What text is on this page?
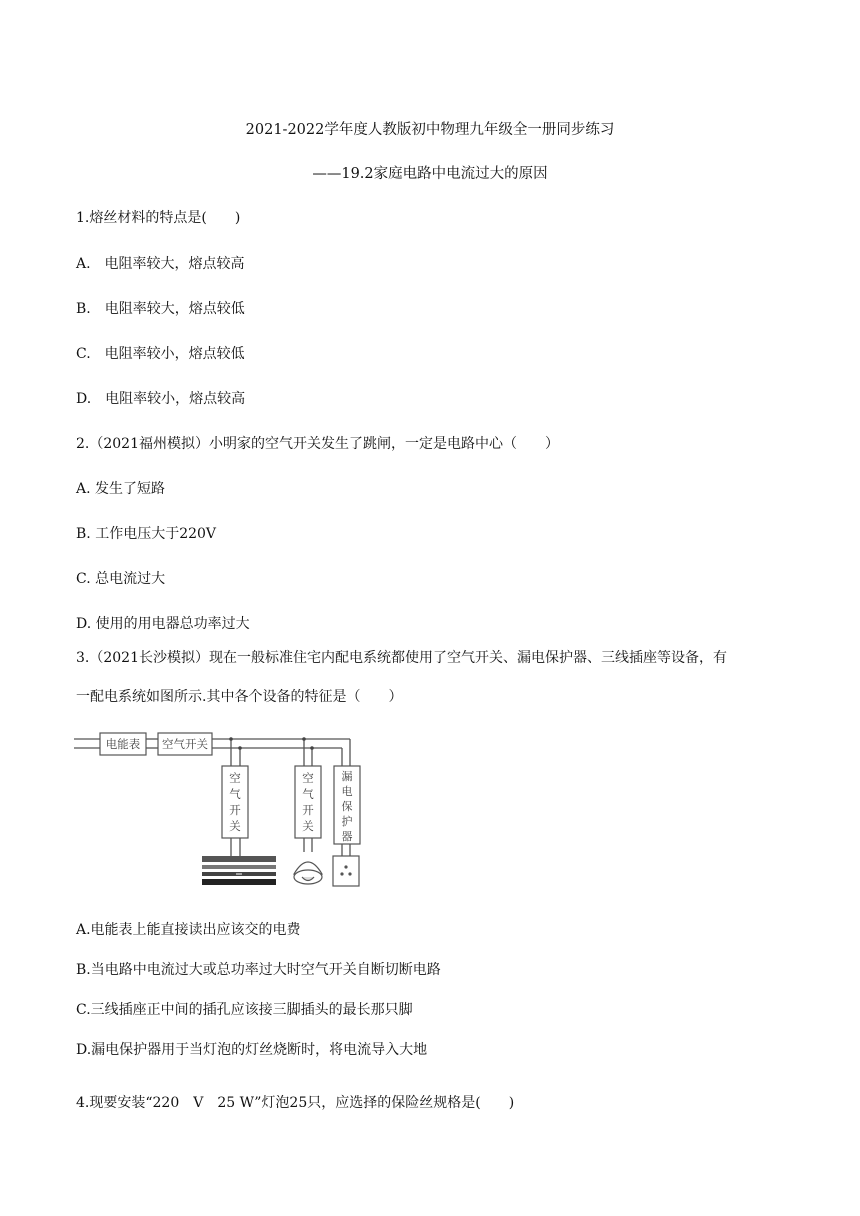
2021-2022学年度人教版初中物理九年级全一册同步练习
——19.2家庭电路中电流过大的原因
1.熔丝材料的特点是(　　)
A.　电阻率较大，熔点较高
B.　电阻率较大，熔点较低
C.　电阻率较小，熔点较低
D.　电阻率较小，熔点较高
2.（2021福州模拟）小明家的空气开关发生了跳闸，一定是电路中心（　　）
A. 发生了短路
B. 工作电压大于220V
C. 总电流过大
D. 使用的用电器总功率过大
3.（2021长沙模拟）现在一般标准住宅内配电系统都使用了空气开关、漏电保护器、三线插座等设备，有
一配电系统如图所示.其中各个设备的特征是（　　）
电能表 空气开关
空
气
开
关
空
气
开
关
漏
电
保
护
器
A.电能表上能直接读出应该交的电费
B.当电路中电流过大或总功率过大时空气开关自断切断电路
C.三线插座正中间的插孔应该接三脚插头的最长那只脚
D.漏电保护器用于当灯泡的灯丝烧断时，将电流导入大地
4.现要安装“220　V　25 W”灯泡25只，应选择的保险丝规格是(　　)
